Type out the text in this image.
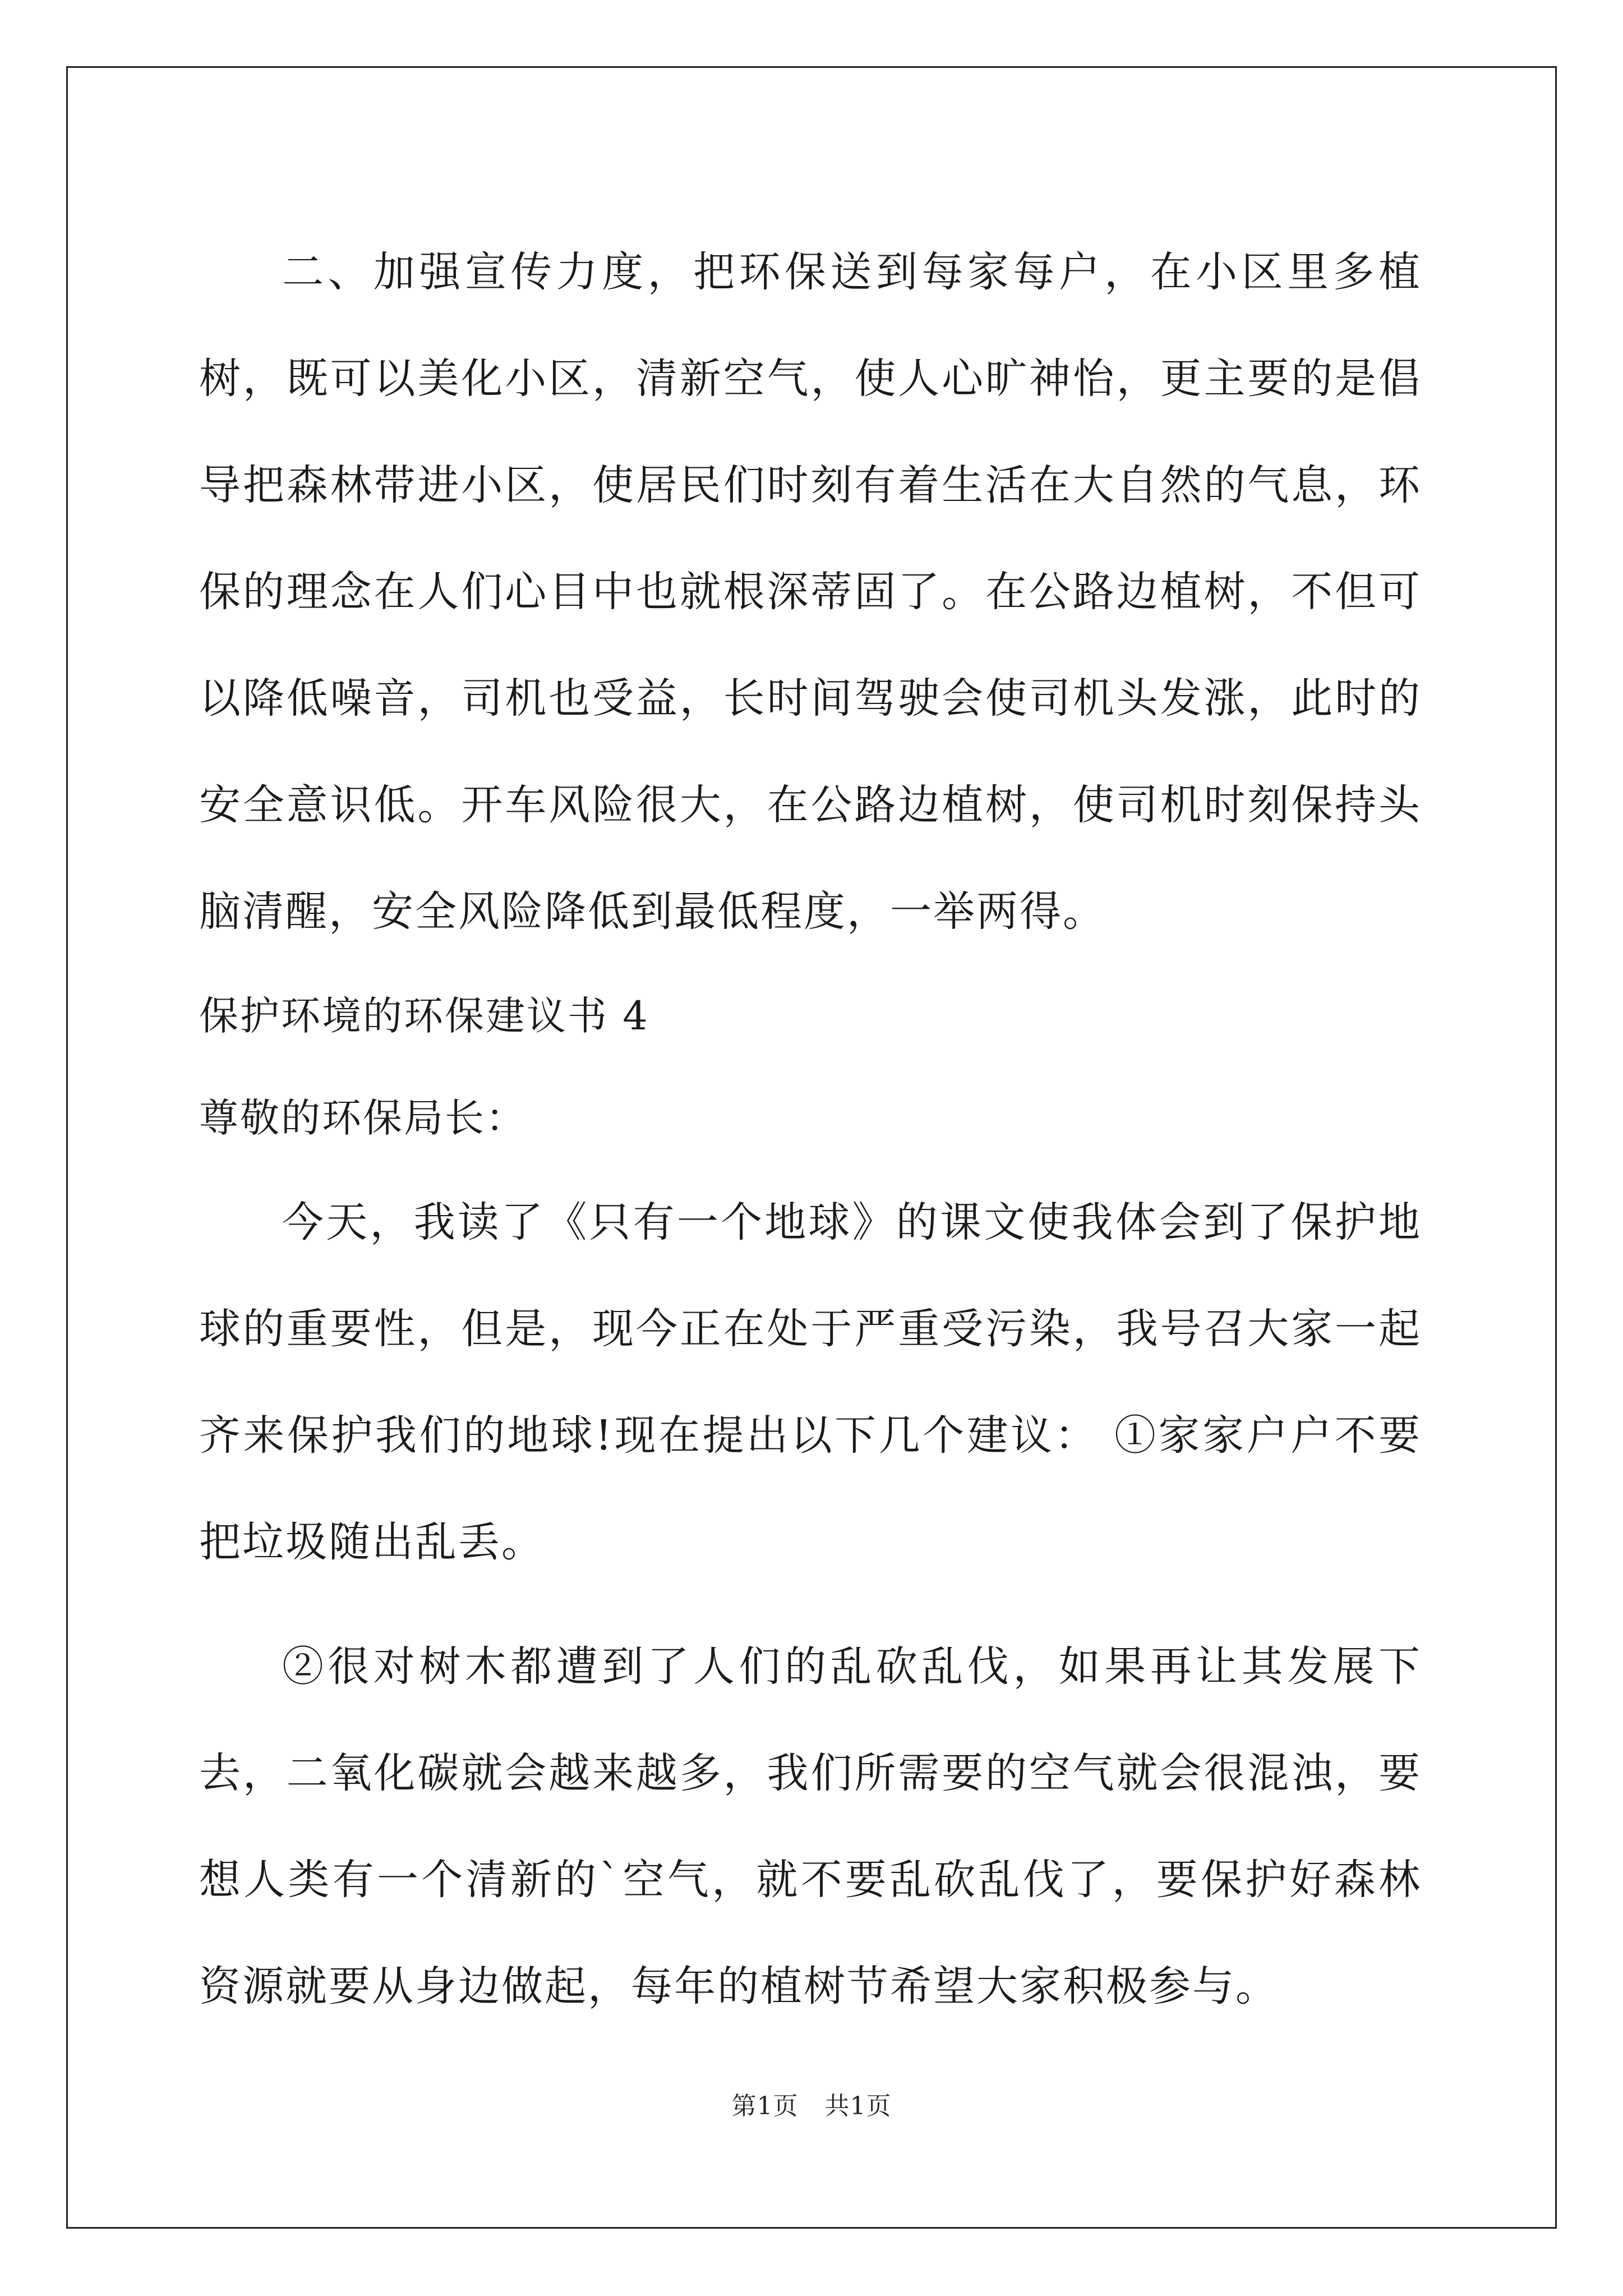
二、加强宣传力度，把环保送到每家每户，在小区里多植树，既可以美化小区，清新空气，使人心旷神怡，更主要的是倡导把森林带进小区，使居民们时刻有着生活在大自然的气息，环保的理念在人们心目中也就根深蒂固了。在公路边植树，不但可以降低噪音，司机也受益，长时间驾驶会使司机头发涨，此时的安全意识低。开车风险很大，在公路边植树，使司机时刻保持头脑清醒，安全风险降低到最低程度，一举两得。

保护环境的环保建议书 4

尊敬的环保局长：

今天，我读了《只有一个地球》的课文使我体会到了保护地球的重要性，但是，现今正在处于严重受污染，我号召大家一起齐来保护我们的地球!现在提出以下几个建议： ①家家户户不要把垃圾随出乱丢。

②很对树木都遭到了人们的乱砍乱伐，如果再让其发展下去，二氧化碳就会越来越多，我们所需要的空气就会很混浊，要想人类有一个清新的`空气，就不要乱砍乱伐了，要保护好森林资源就要从身边做起，每年的植树节希望大家积极参与。

第1页 共1页
